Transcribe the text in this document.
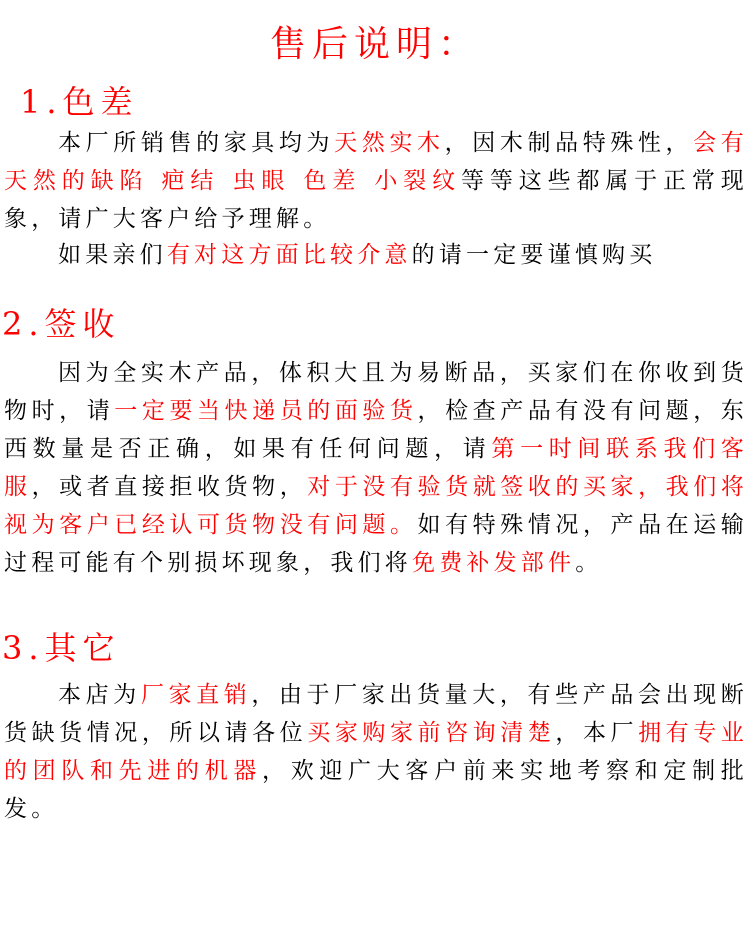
售后说明：
1.色差

本厂所销售的家具均为天然实木，因木制品特殊性，会有天然的缺陷 疤结 虫眼 色差 小裂纹等等这些都属于正常现象，请广大客户给予理解。

如果亲们有对这方面比较介意的请一定要谨慎购买

2.签收

因为全实木产品，体积大且为易断品，买家们在你收到货物时，请一定要当快递员的面验货，检查产品有没有问题，东西数量是否正确，如果有任何问题，请第一时间联系我们客服，或者直接拒收货物，对于没有验货就签收的买家，我们将视为客户已经认可货物没有问题。如有特殊情况，产品在运输过程可能有个别损坏现象，我们将免费补发部件。

3.其它

本店为厂家直销，由于厂家出货量大，有些产品会出现断货缺货情况，所以请各位买家购家前咨询清楚，本厂拥有专业的团队和先进的机器，欢迎广大客户前来实地考察和定制批发。
